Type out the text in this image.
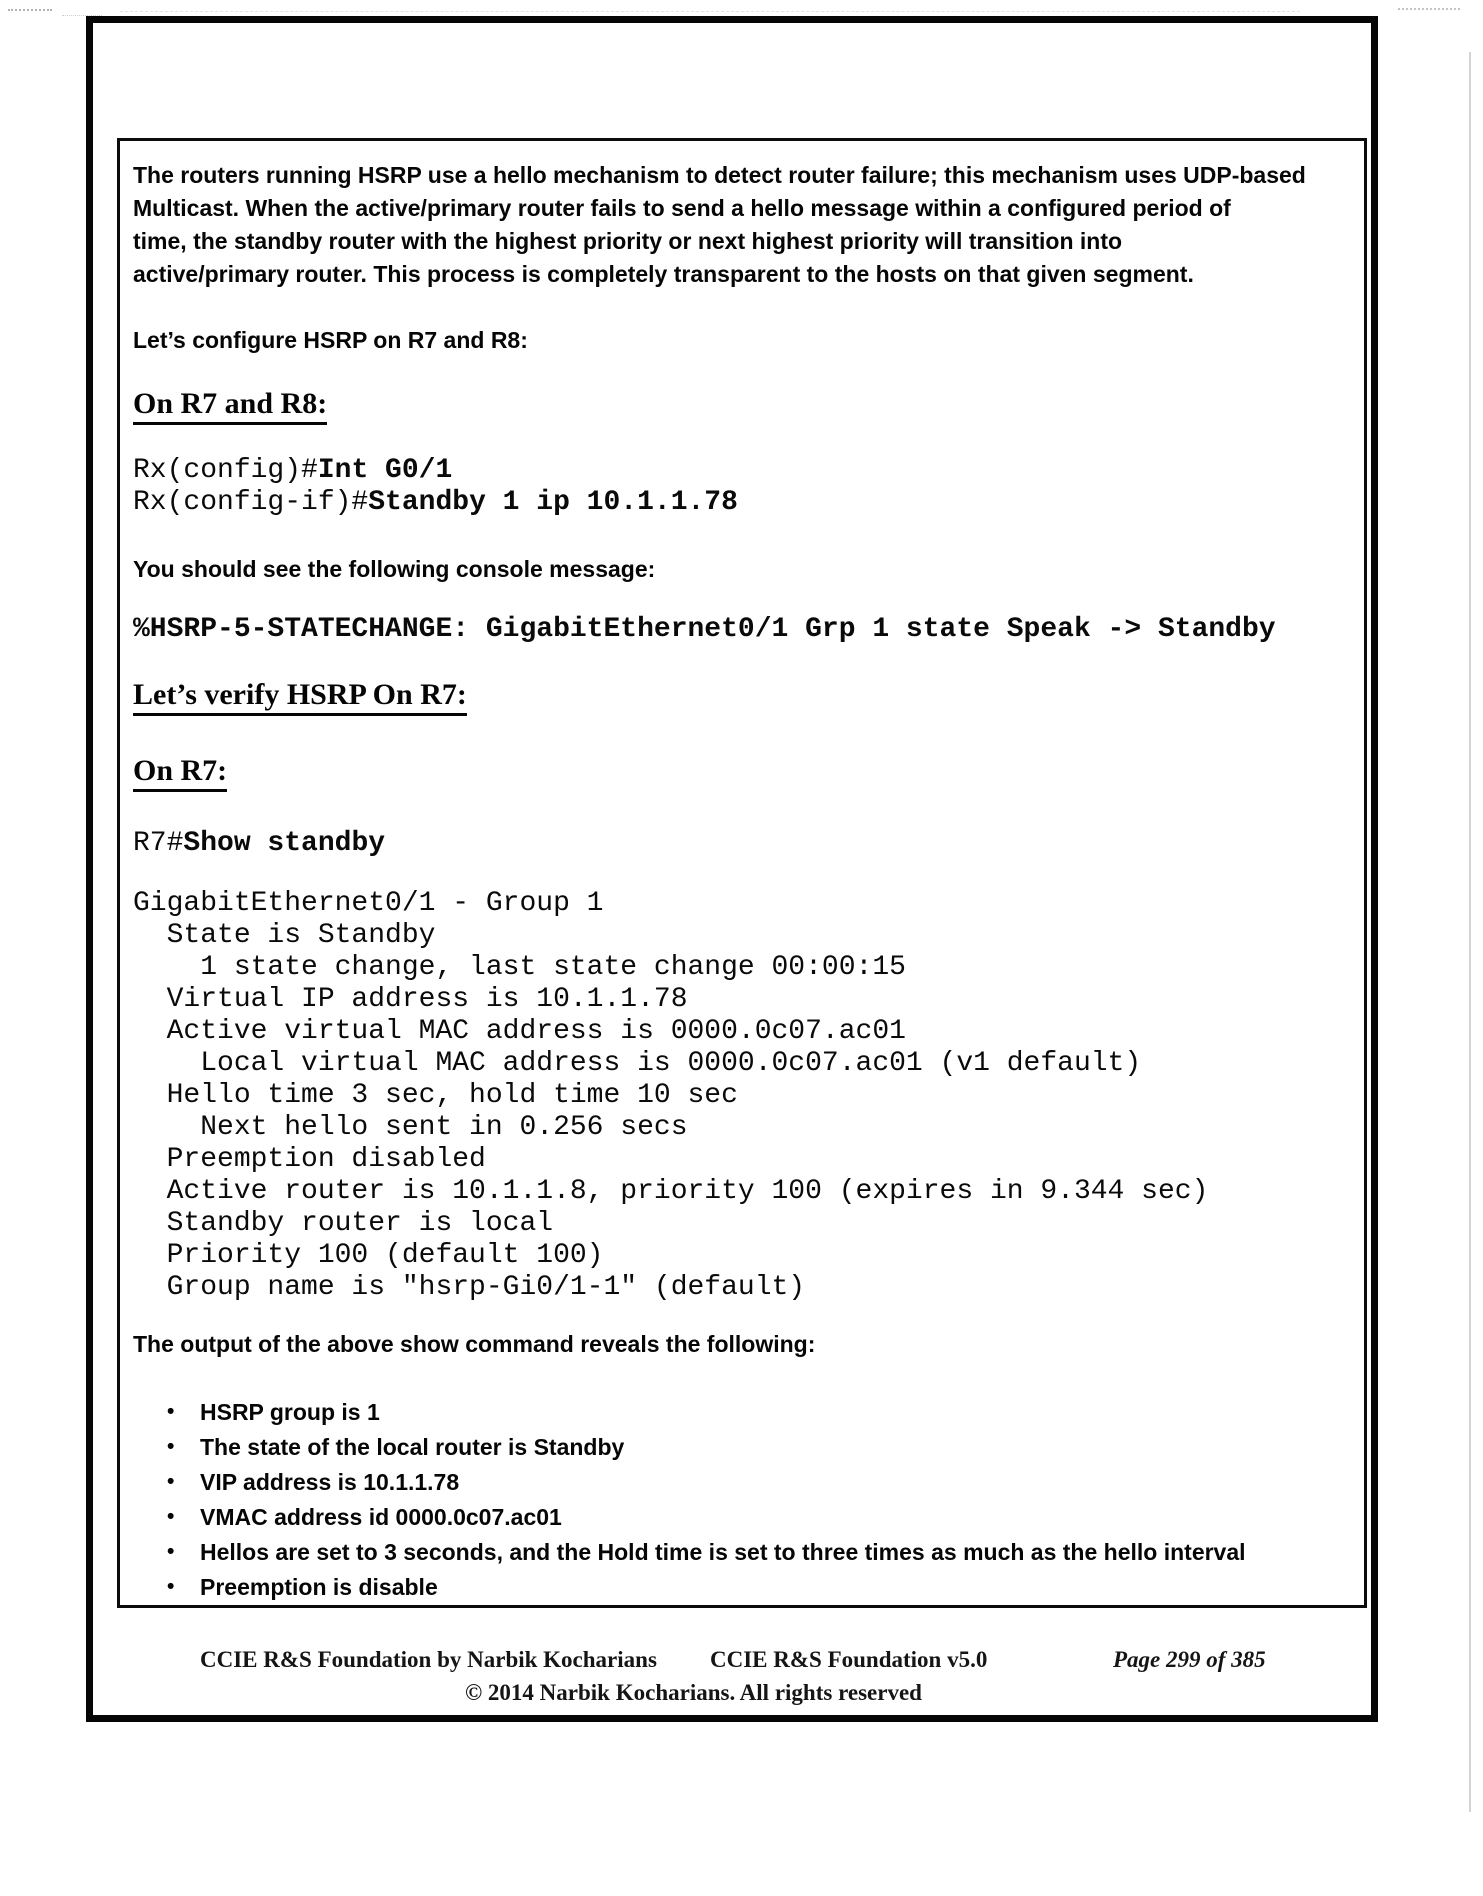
The routers running HSRP use a hello mechanism to detect router failure; this mechanism uses UDP-based
Multicast. When the active/primary router fails to send a hello message within a configured period of
time, the standby router with the highest priority or next highest priority will transition into
active/primary router. This process is completely transparent to the hosts on that given segment.
Let’s configure HSRP on R7 and R8:
On R7 and R8:
Rx(config)#Int G0/1
Rx(config-if)#Standby 1 ip 10.1.1.78
You should see the following console message:
%HSRP-5-STATECHANGE: GigabitEthernet0/1 Grp 1 state Speak -> Standby
Let’s verify HSRP On R7:
On R7:
R7#Show standby
GigabitEthernet0/1 - Group 1
State is Standby
1 state change, last state change 00:00:15
Virtual IP address is 10.1.1.78
Active virtual MAC address is 0000.0c07.ac01
Local virtual MAC address is 0000.0c07.ac01 (v1 default)
Hello time 3 sec, hold time 10 sec
Next hello sent in 0.256 secs
Preemption disabled
Active router is 10.1.1.8, priority 100 (expires in 9.344 sec)
Standby router is local
Priority 100 (default 100)
Group name is "hsrp-Gi0/1-1" (default)
The output of the above show command reveals the following:
• HSRP group is 1
• The state of the local router is Standby
• VIP address is 10.1.1.78
• VMAC address id 0000.0c07.ac01
• Hellos are set to 3 seconds, and the Hold time is set to three times as much as the hello interval
• Preemption is disable
CCIE R&S Foundation by Narbik Kocharians CCIE R&S Foundation v5.0	Page 299 of 385
© 2014 Narbik Kocharians. All rights reserved
